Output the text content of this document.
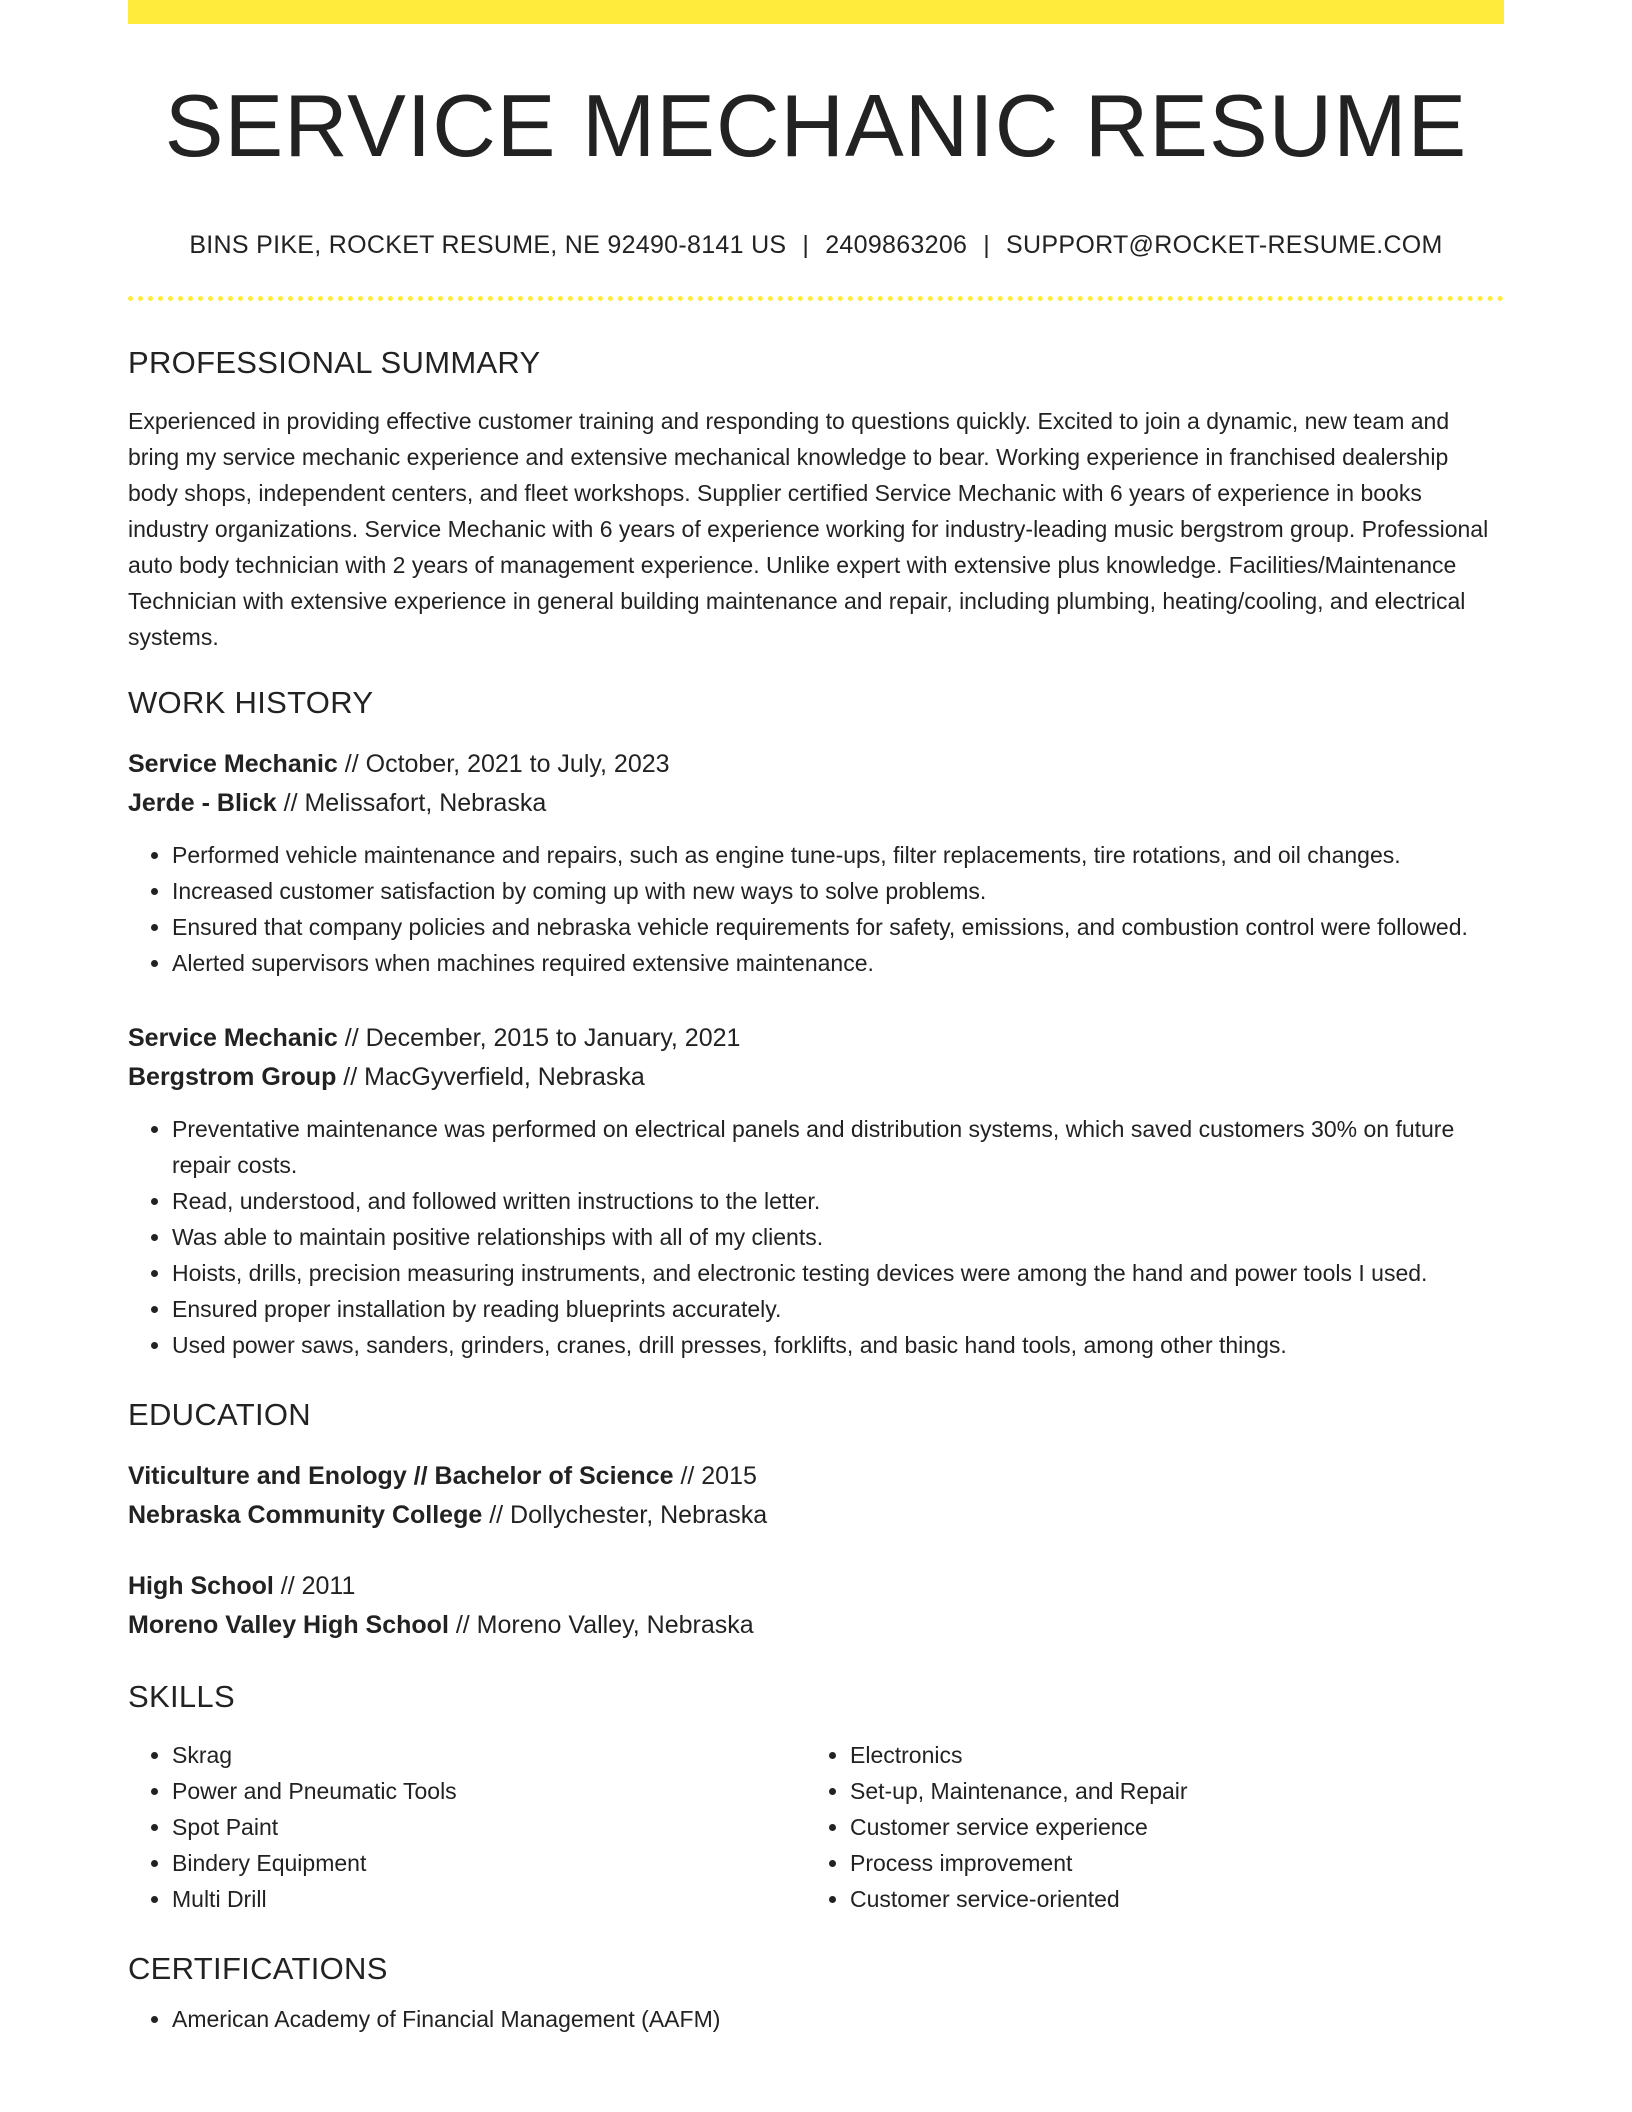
SERVICE MECHANIC RESUME
BINS PIKE, ROCKET RESUME, NE 92490-8141 US | 2409863206 | SUPPORT@ROCKET-RESUME.COM
PROFESSIONAL SUMMARY
Experienced in providing effective customer training and responding to questions quickly. Excited to join a dynamic, new team and bring my service mechanic experience and extensive mechanical knowledge to bear. Working experience in franchised dealership body shops, independent centers, and fleet workshops. Supplier certified Service Mechanic with 6 years of experience in books industry organizations. Service Mechanic with 6 years of experience working for industry-leading music bergstrom group. Professional auto body technician with 2 years of management experience. Unlike expert with extensive plus knowledge. Facilities/Maintenance Technician with extensive experience in general building maintenance and repair, including plumbing, heating/cooling, and electrical systems.
WORK HISTORY
Service Mechanic // October, 2021 to July, 2023
Jerde - Blick // Melissafort, Nebraska
• Performed vehicle maintenance and repairs, such as engine tune-ups, filter replacements, tire rotations, and oil changes.
• Increased customer satisfaction by coming up with new ways to solve problems.
• Ensured that company policies and nebraska vehicle requirements for safety, emissions, and combustion control were followed.
• Alerted supervisors when machines required extensive maintenance.
Service Mechanic // December, 2015 to January, 2021
Bergstrom Group // MacGyverfield, Nebraska
• Preventative maintenance was performed on electrical panels and distribution systems, which saved customers 30% on future repair costs.
• Read, understood, and followed written instructions to the letter.
• Was able to maintain positive relationships with all of my clients.
• Hoists, drills, precision measuring instruments, and electronic testing devices were among the hand and power tools I used.
• Ensured proper installation by reading blueprints accurately.
• Used power saws, sanders, grinders, cranes, drill presses, forklifts, and basic hand tools, among other things.
EDUCATION
Viticulture and Enology // Bachelor of Science // 2015
Nebraska Community College // Dollychester, Nebraska
High School // 2011
Moreno Valley High School // Moreno Valley, Nebraska
SKILLS
• Skrag
• Power and Pneumatic Tools
• Spot Paint
• Bindery Equipment
• Multi Drill
• Electronics
• Set-up, Maintenance, and Repair
• Customer service experience
• Process improvement
• Customer service-oriented
CERTIFICATIONS
• American Academy of Financial Management (AAFM)
